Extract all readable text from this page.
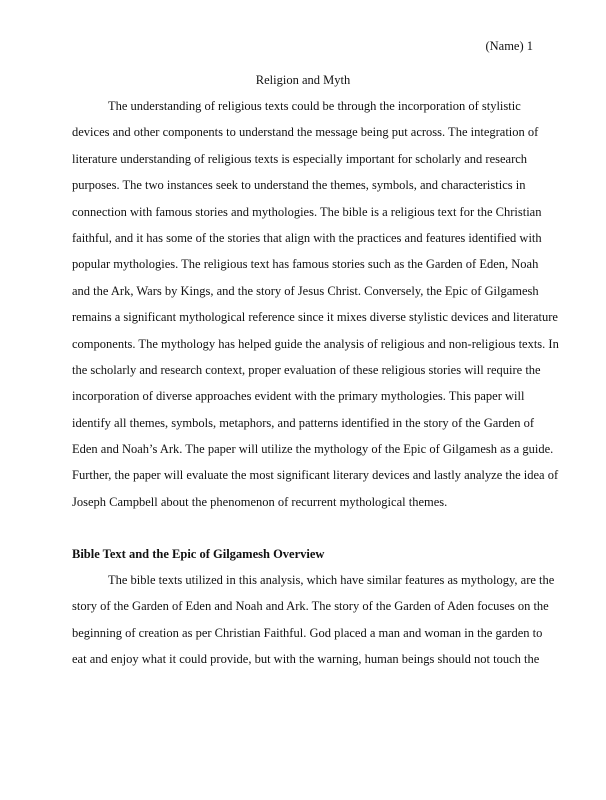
(Name) 1
Religion and Myth
The understanding of religious texts could be through the incorporation of stylistic
devices and other components to understand the message being put across. The integration of
literature understanding of religious texts is especially important for scholarly and research
purposes. The two instances seek to understand the themes, symbols, and characteristics in
connection with famous stories and mythologies. The bible is a religious text for the Christian
faithful, and it has some of the stories that align with the practices and features identified with
popular mythologies. The religious text has famous stories such as the Garden of Eden, Noah
and the Ark, Wars by Kings, and the story of Jesus Christ. Conversely, the Epic of Gilgamesh
remains a significant mythological reference since it mixes diverse stylistic devices and literature
components. The mythology has helped guide the analysis of religious and non-religious texts. In
the scholarly and research context, proper evaluation of these religious stories will require the
incorporation of diverse approaches evident with the primary mythologies. This paper will
identify all themes, symbols, metaphors, and patterns identified in the story of the Garden of
Eden and Noah’s Ark. The paper will utilize the mythology of the Epic of Gilgamesh as a guide.
Further, the paper will evaluate the most significant literary devices and lastly analyze the idea of
Joseph Campbell about the phenomenon of recurrent mythological themes.
Bible Text and the Epic of Gilgamesh Overview
The bible texts utilized in this analysis, which have similar features as mythology, are the
story of the Garden of Eden and Noah and Ark. The story of the Garden of Aden focuses on the
beginning of creation as per Christian Faithful. God placed a man and woman in the garden to
eat and enjoy what it could provide, but with the warning, human beings should not touch the
